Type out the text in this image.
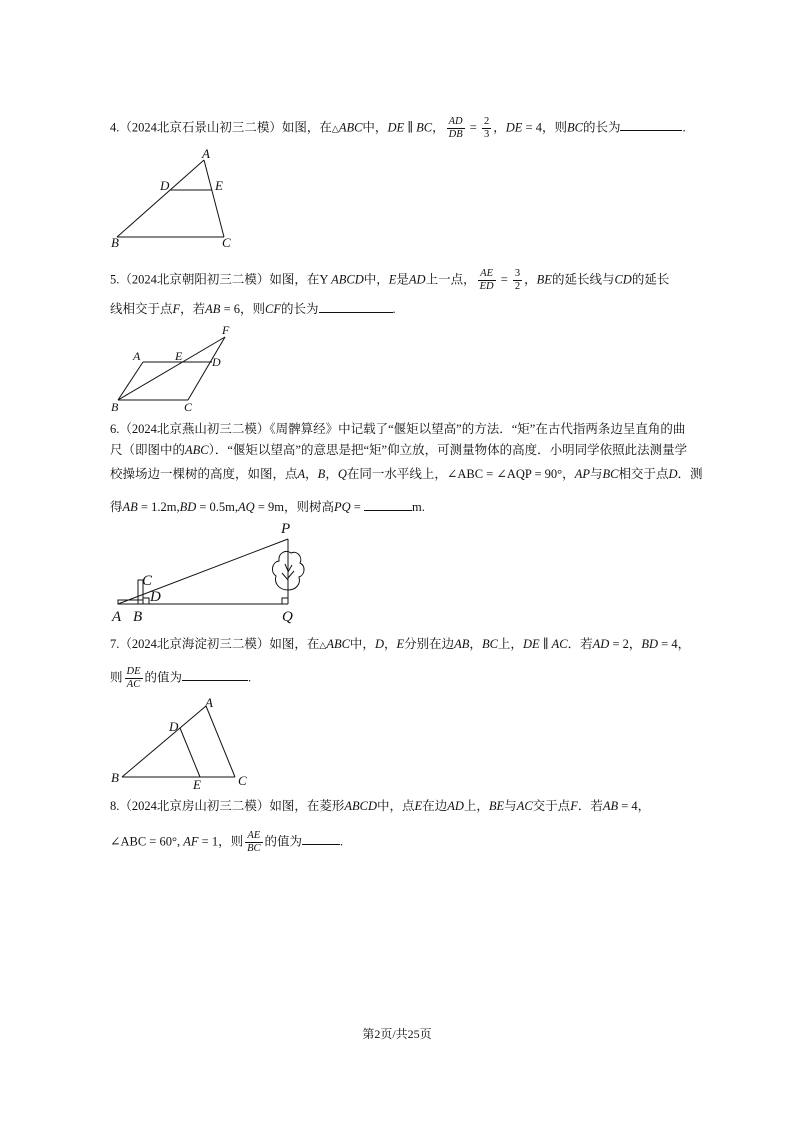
4.（2024北京石景山初三二模）如图，在△ABC中，DE ∥ BC， $\frac{AD}{DB} = \frac{2}{3}$ ，DE = 4，则BC的长为	.
A
D	E
B	C
5.（2024北京朝阳初三二模）如图，在Y ABCD中，E是AD上一点， $\frac{AE}{ED} = \frac{3}{2}$ ，BE的延长线与CD的延长
线相交于点F，若AB = 6，则CF的长为	.
F
A	E D
B	C
6.（2024北京燕山初三二模）《周髀算经》中记载了“偃矩以望高”的方法．“矩”在古代指两条边呈直角的曲
尺（即图中的ABC）．“偃矩以望高”的意思是把“矩”仰立放，可测量物体的高度．小明同学依照此法测量学
校操场边一棵树的高度，如图，点A，B，Q在同一水平线上，∠ABC = ∠AQP = 90°，AP与BC相交于点D．测
得AB = 1.2m,BD = 0.5m,AQ = 9m，则树高PQ =	m.
P
C
D
A B	Q
7.（2024北京海淀初三二模）如图，在△ABC中，D，E分别在边AB，BC上，DE ∥ AC．若AD = 2，BD = 4，
则 $\frac{DE}{AC}$ 的值为	.
A
D
B	E	C
8.（2024北京房山初三二模）如图，在菱形ABCD中，点E在边AD上，BE与AC交于点F．若AB = 4，
∠ABC = 60°, AF = 1，则 $\frac{AE}{BC}$ 的值为	.
第2页/共25页
